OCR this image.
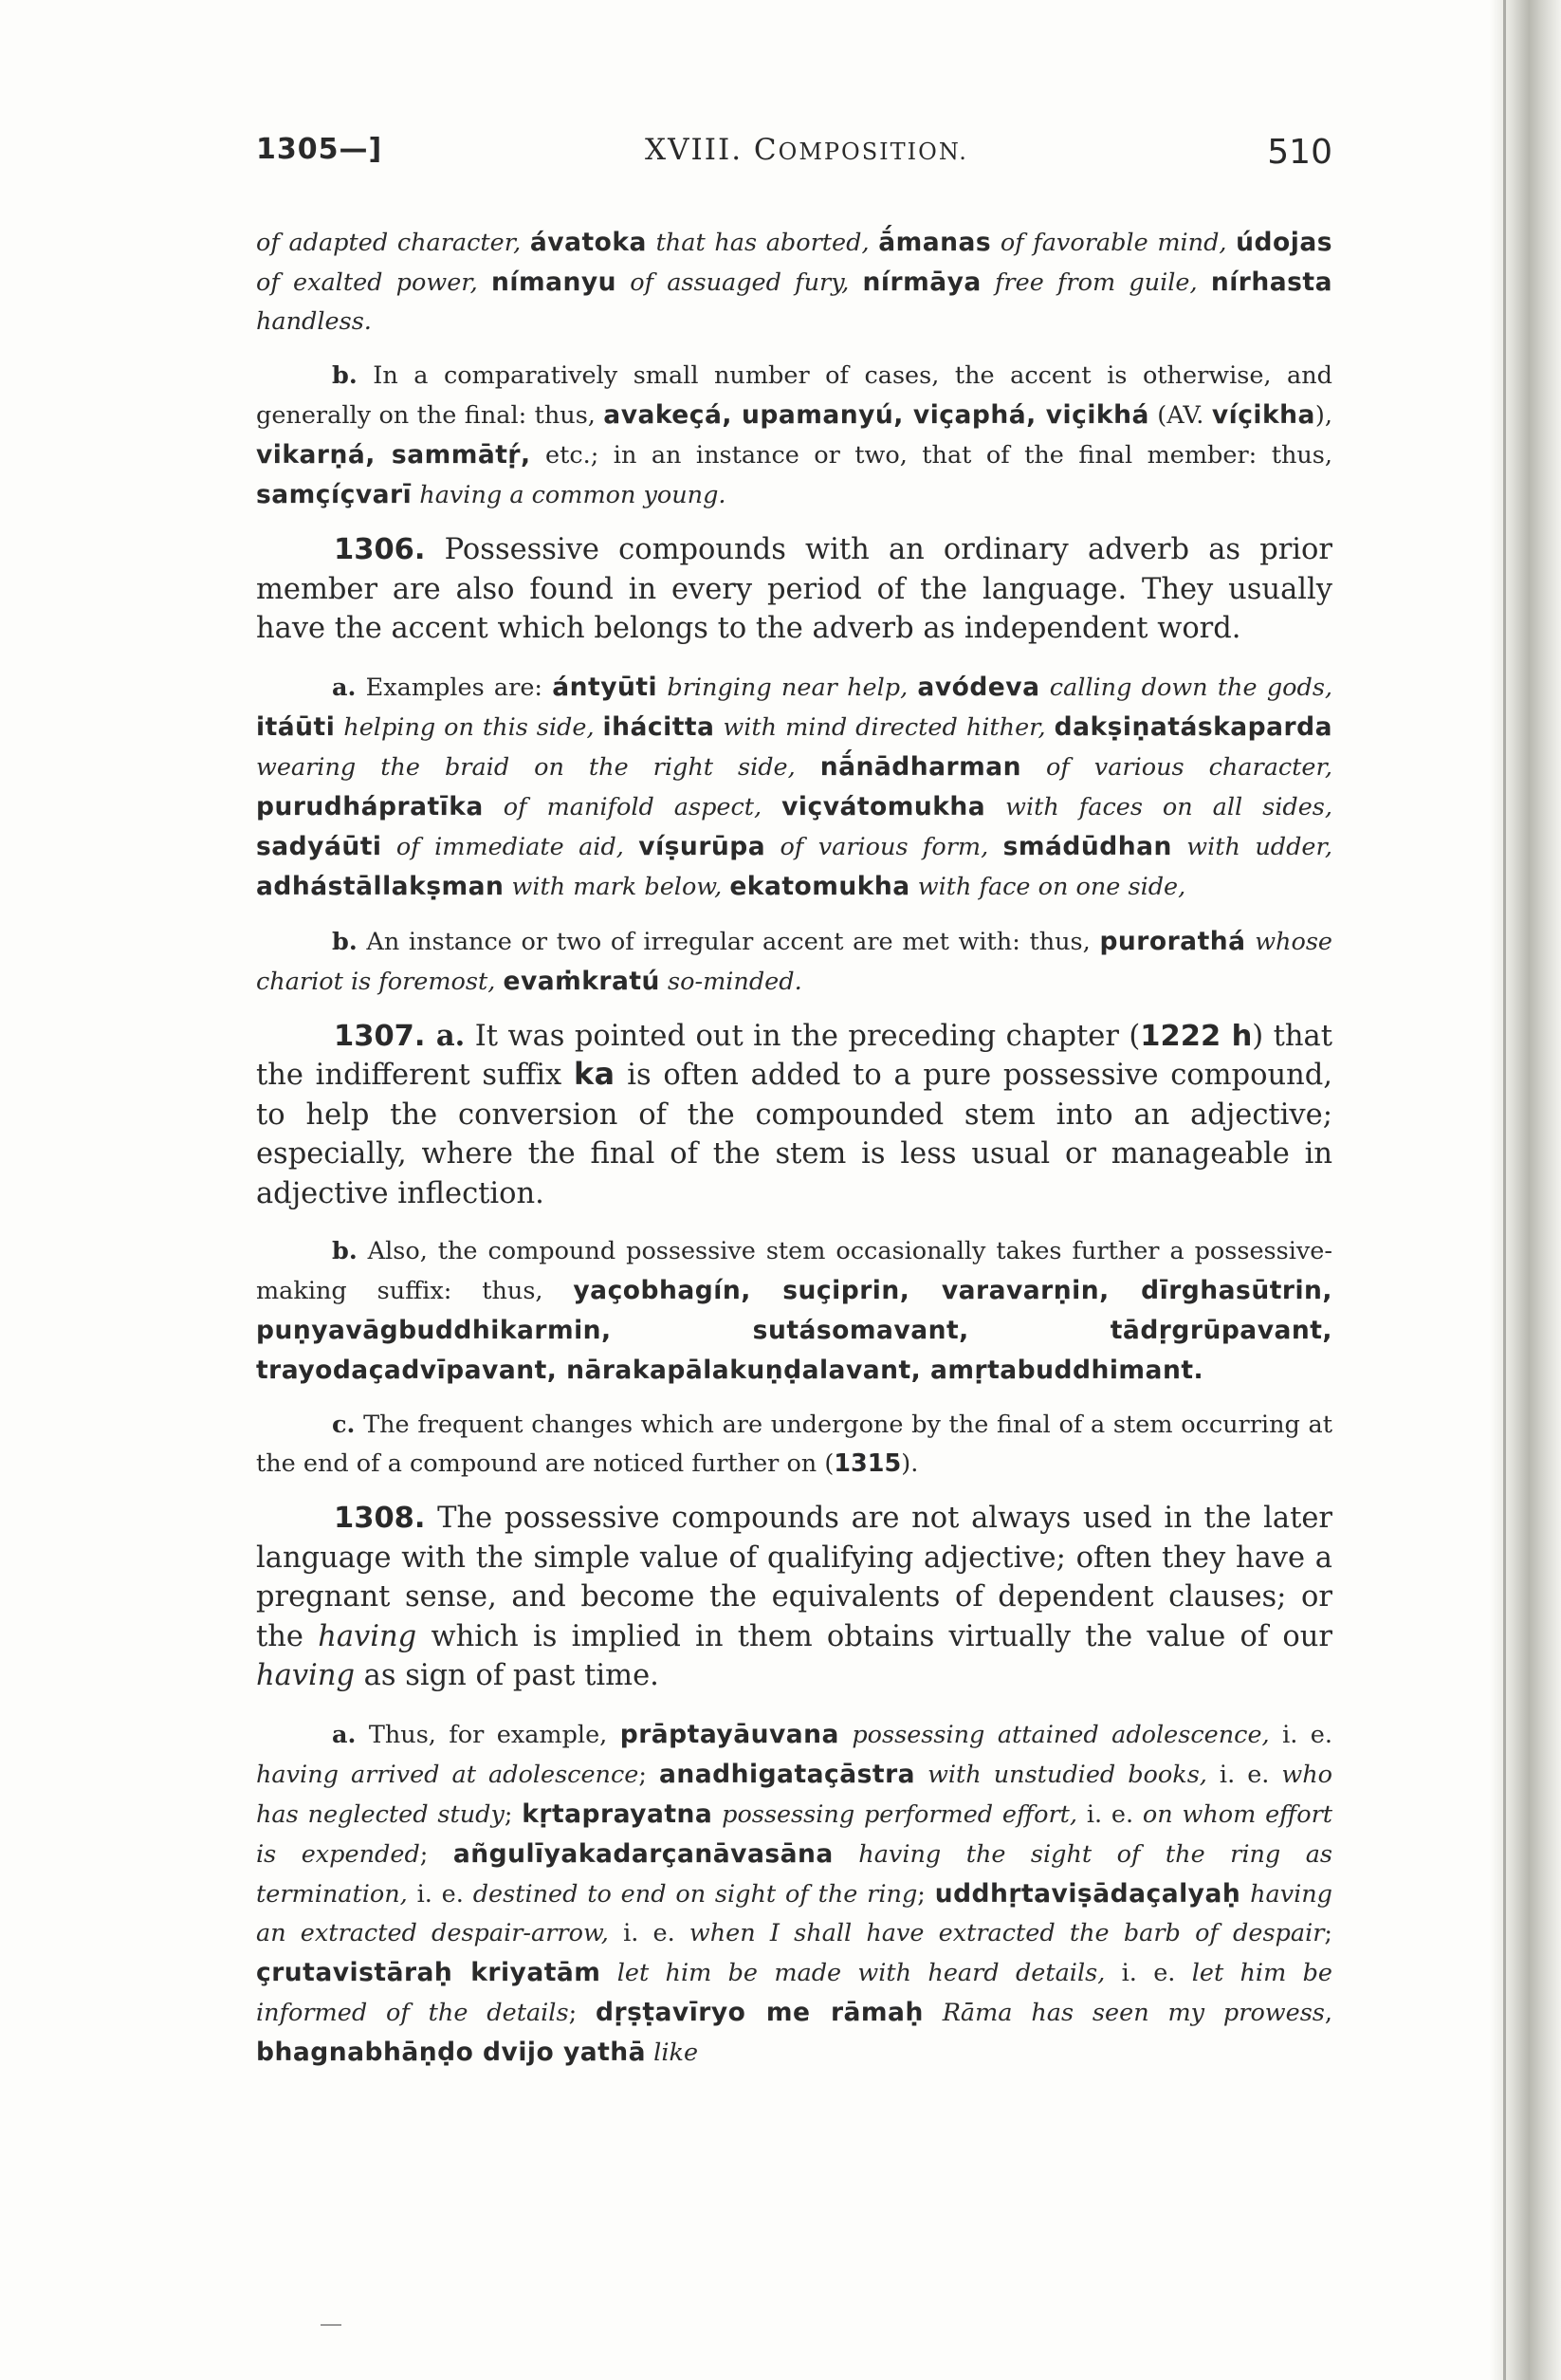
1305—]	XVIII. COMPOSITION.	510

of adapted character, ávatoka that has aborted, ā́manas of favorable mind, údojas of exalted power, nímanyu of assuaged fury, nírmāya free from guile, nírhasta handless.

b. In a comparatively small number of cases, the accent is otherwise, and generally on the final: thus, avakeçá, upamanyú, viçaphá, viçikhá (AV. víçikha), vikarṇá, sammātṛ́, etc.; in an instance or two, that of the final member: thus, samçíçvarī having a common young.

1306. Possessive compounds with an ordinary adverb as prior member are also found in every period of the language. They usually have the accent which belongs to the adverb as independent word.

a. Examples are: ántyūti bringing near help, avódeva calling down the gods, itáūti helping on this side, ihácitta with mind directed hither, dakṣiṇatáskaparda wearing the braid on the right side, nā́nādharman of various character, purudhápratīka of manifold aspect, viçvátomukha with faces on all sides, sadyáūti of immediate aid, víṣurūpa of various form, smádūdhan with udder, adhástāllakṣman with mark below, ekatomukha with face on one side,

b. An instance or two of irregular accent are met with: thus, purorathá whose chariot is foremost, evaṁkratú so-minded.

1307. a. It was pointed out in the preceding chapter (1222 h) that the indifferent suffix ka is often added to a pure possessive compound, to help the conversion of the compounded stem into an adjective; especially, where the final of the stem is less usual or manageable in adjective inflection.

b. Also, the compound possessive stem occasionally takes further a possessive-making suffix: thus, yaçobhagín, suçiprin, varavarṇin, dīrghasūtrin, puṇyavāgbuddhikarmin, sutásomavant, tādṛgrūpavant, trayodaçadvīpavant, nārakapālakuṇḍalavant, amṛtabuddhimant.

c. The frequent changes which are undergone by the final of a stem occurring at the end of a compound are noticed further on (1315).

1308. The possessive compounds are not always used in the later language with the simple value of qualifying adjective; often they have a pregnant sense, and become the equivalents of dependent clauses; or the having which is implied in them obtains virtually the value of our having as sign of past time.

a. Thus, for example, prāptayāuvana possessing attained adolescence, i. e. having arrived at adolescence; anadhigataçāstra with unstudied books, i. e. who has neglected study; kṛtaprayatna possessing performed effort, i. e. on whom effort is expended; añgulīyakadarçanāvasāna having the sight of the ring as termination, i. e. destined to end on sight of the ring; uddhṛtaviṣādaçalyaḥ having an extracted despair-arrow, i. e. when I shall have extracted the barb of despair; çrutavistāraḥ kriyatām let him be made with heard details, i. e. let him be informed of the details; dṛṣṭavīryo me rāmaḥ Rāma has seen my prowess, bhagnabhāṇḍo dvijo yathā like
